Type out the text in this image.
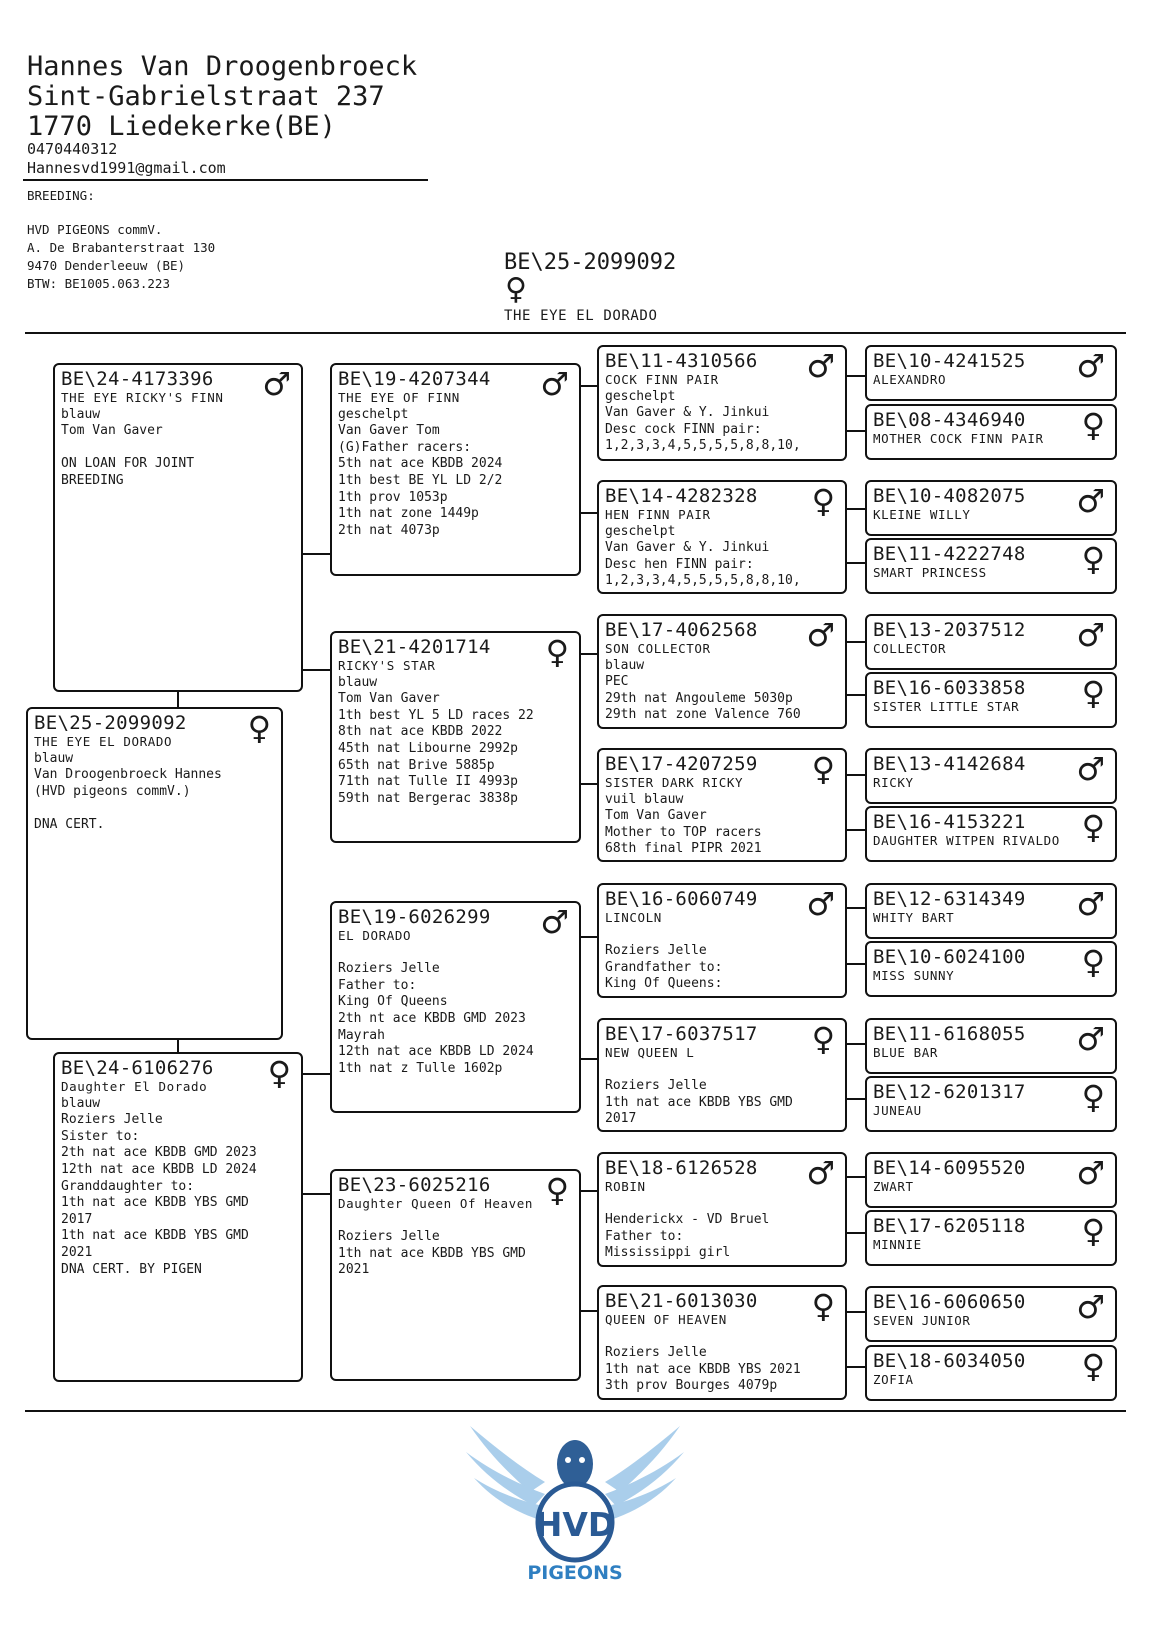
Hannes Van Droogenbroeck
Sint-Gabrielstraat 237
1770 Liedekerke(BE)
0470440312
Hannesvd1991@gmail.com
BREEDING:
HVD PIGEONS commV.
A. De Brabanterstraat 130
9470 Denderleeuw (BE)
BTW: BE1005.063.223
BE\25-2099092
♀
THE EYE EL DORADO
BE\24-4173396	♂
THE EYE RICKY'S FINN
blauw
Tom Van Gaver

ON LOAN FOR JOINT
BREEDING
BE\25-2099092	♀
THE EYE EL DORADO
blauw
Van Droogenbroeck Hannes
(HVD pigeons commV.)

DNA CERT.
BE\24-6106276	♀
Daughter El Dorado
blauw
Roziers Jelle
Sister to:
2th nat ace KBDB GMD 2023
12th nat ace KBDB LD 2024
Granddaughter to:
1th nat ace KBDB YBS GMD
2017
1th nat ace KBDB YBS GMD
2021
DNA CERT. BY PIGEN
BE\19-4207344	♂
THE EYE OF FINN
geschelpt
Van Gaver Tom
(G)Father racers:
5th nat ace KBDB 2024
1th best BE YL LD 2/2
1th prov 1053p
1th nat zone 1449p
2th nat 4073p
BE\21-4201714	♀
RICKY'S STAR
blauw
Tom Van Gaver
1th best YL 5 LD races 22
8th nat ace KBDB 2022
45th nat Libourne 2992p
65th nat Brive 5885p
71th nat Tulle II 4993p
59th nat Bergerac 3838p
BE\19-6026299	♂
EL DORADO

Roziers Jelle
Father to:
King Of Queens
2th nt ace KBDB GMD 2023
Mayrah
12th nat ace KBDB LD 2024
1th nat z Tulle 1602p
BE\23-6025216	♀
Daughter Queen Of Heaven

Roziers Jelle
1th nat ace KBDB YBS GMD
2021
BE\11-4310566	♂
COCK FINN PAIR
geschelpt
Van Gaver & Y. Jinkui
Desc cock FINN pair:
1,2,3,3,4,5,5,5,5,8,8,10,
BE\14-4282328	♀
HEN FINN PAIR
geschelpt
Van Gaver & Y. Jinkui
Desc hen FINN pair:
1,2,3,3,4,5,5,5,5,8,8,10,
BE\17-4062568	♂
SON COLLECTOR
blauw
PEC
29th nat Angouleme 5030p
29th nat zone Valence 760
BE\17-4207259	♀
SISTER DARK RICKY
vuil blauw
Tom Van Gaver
Mother to TOP racers
68th final PIPR 2021
BE\16-6060749	♂
LINCOLN

Roziers Jelle
Grandfather to:
King Of Queens:
BE\17-6037517	♀
NEW QUEEN L

Roziers Jelle
1th nat ace KBDB YBS GMD
2017
BE\18-6126528	♂
ROBIN

Henderickx - VD Bruel
Father to:
Mississippi girl
BE\21-6013030	♀
QUEEN OF HEAVEN

Roziers Jelle
1th nat ace KBDB YBS 2021
3th prov Bourges 4079p
BE\10-4241525	♂
ALEXANDRO
BE\08-4346940	♀
MOTHER COCK FINN PAIR
BE\10-4082075	♂
KLEINE WILLY
BE\11-4222748	♀
SMART PRINCESS
BE\13-2037512	♂
COLLECTOR
BE\16-6033858	♀
SISTER LITTLE STAR
BE\13-4142684	♂
RICKY
BE\16-4153221	♀
DAUGHTER WITPEN RIVALDO
BE\12-6314349	♂
WHITY BART
BE\10-6024100	♀
MISS SUNNY
BE\11-6168055	♂
BLUE BAR
BE\12-6201317	♀
JUNEAU
BE\14-6095520	♂
ZWART
BE\17-6205118	♀
MINNIE
BE\16-6060650	♂
SEVEN JUNIOR
BE\18-6034050	♀
ZOFIA
HVD
PIGEONS
